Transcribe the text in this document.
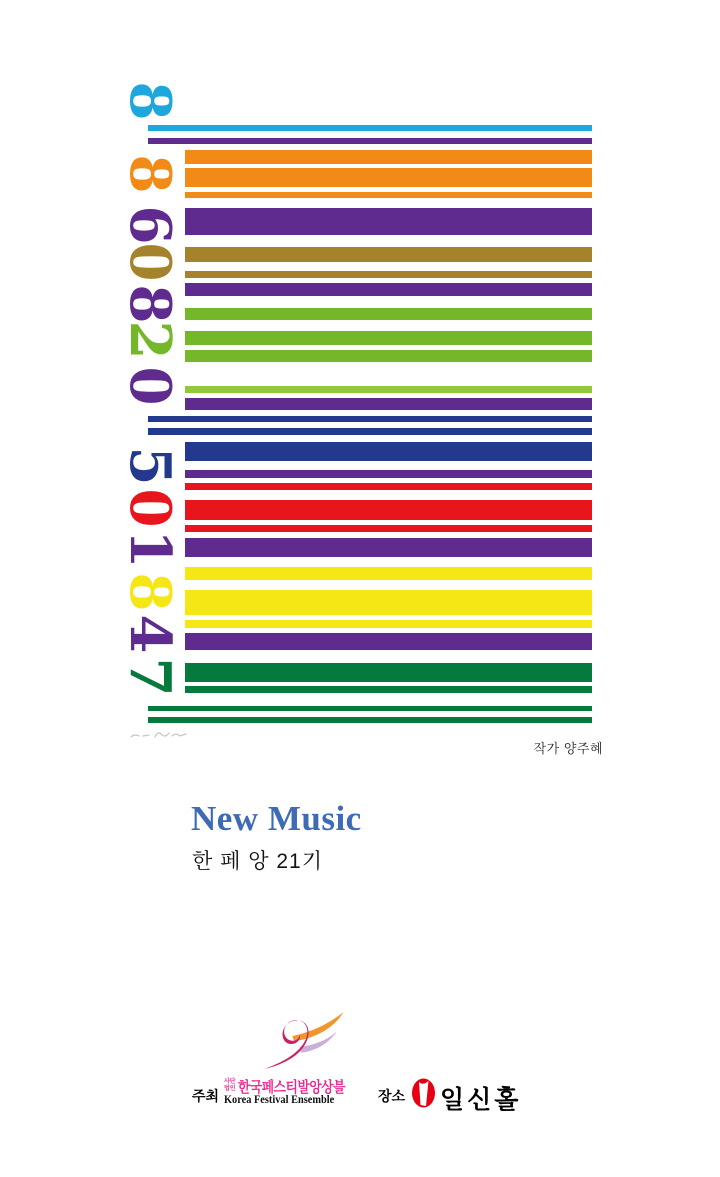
8
8
6
0
8
2
0
5
0
1
8
4
7
작가 양주혜
New Music
한 페 앙 21기
주최
사단
법인 한국페스티발앙상블
Korea Festival Ensemble	장소 일신홀
